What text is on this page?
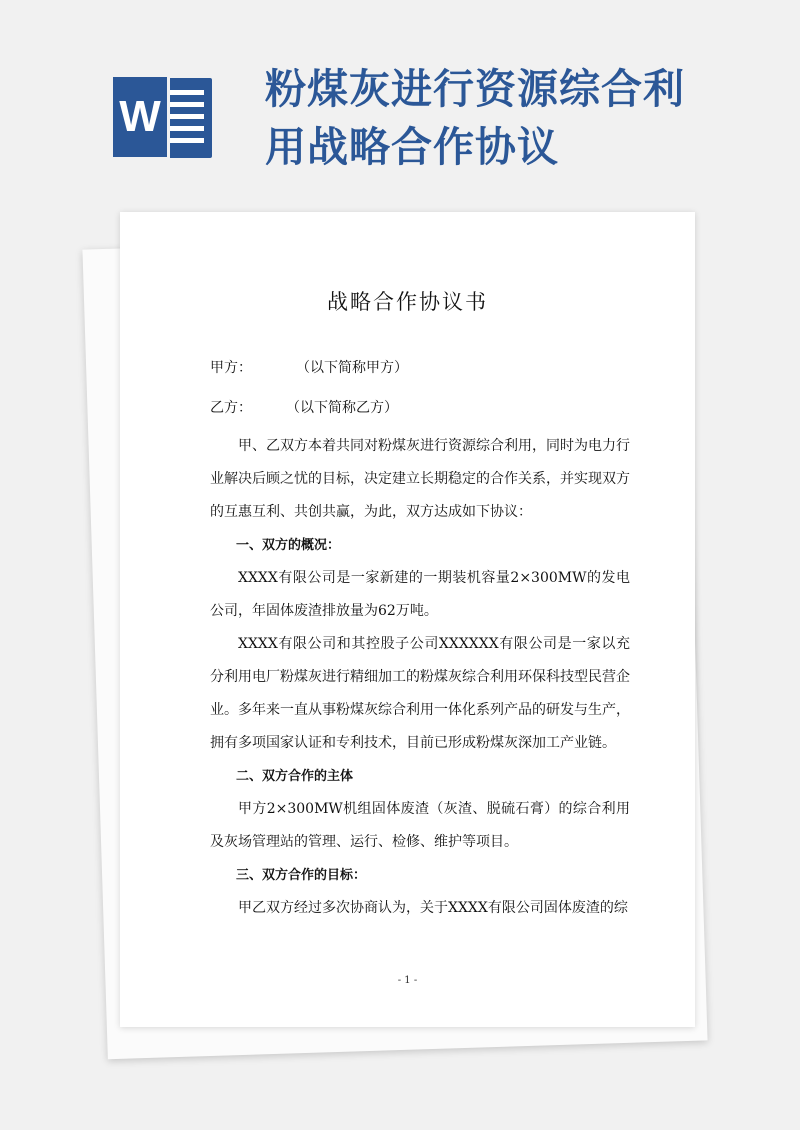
W
粉煤灰进行资源综合利
用战略合作协议
战略合作协议书
甲方：	（以下简称甲方）
乙方： （以下简称乙方）

甲、乙双方本着共同对粉煤灰进行资源综合利用，同时为电力行业解决后顾之忧的目标，决定建立长期稳定的合作关系，并实现双方的互惠互利、共创共赢，为此，双方达成如下协议：

一、双方的概况：

XXXX有限公司是一家新建的一期装机容量2×300MW的发电公司，年固体废渣排放量为62万吨。

XXXX有限公司和其控股子公司XXXXXX有限公司是一家以充分利用电厂粉煤灰进行精细加工的粉煤灰综合利用环保科技型民营企业。多年来一直从事粉煤灰综合利用一体化系列产品的研发与生产，拥有多项国家认证和专利技术，目前已形成粉煤灰深加工产业链。

二、双方合作的主体

甲方2×300MW机组固体废渣（灰渣、脱硫石膏）的综合利用及灰场管理站的管理、运行、检修、维护等项目。

三、双方合作的目标：

甲乙双方经过多次协商认为，关于XXXX有限公司固体废渣的综

- 1 -
